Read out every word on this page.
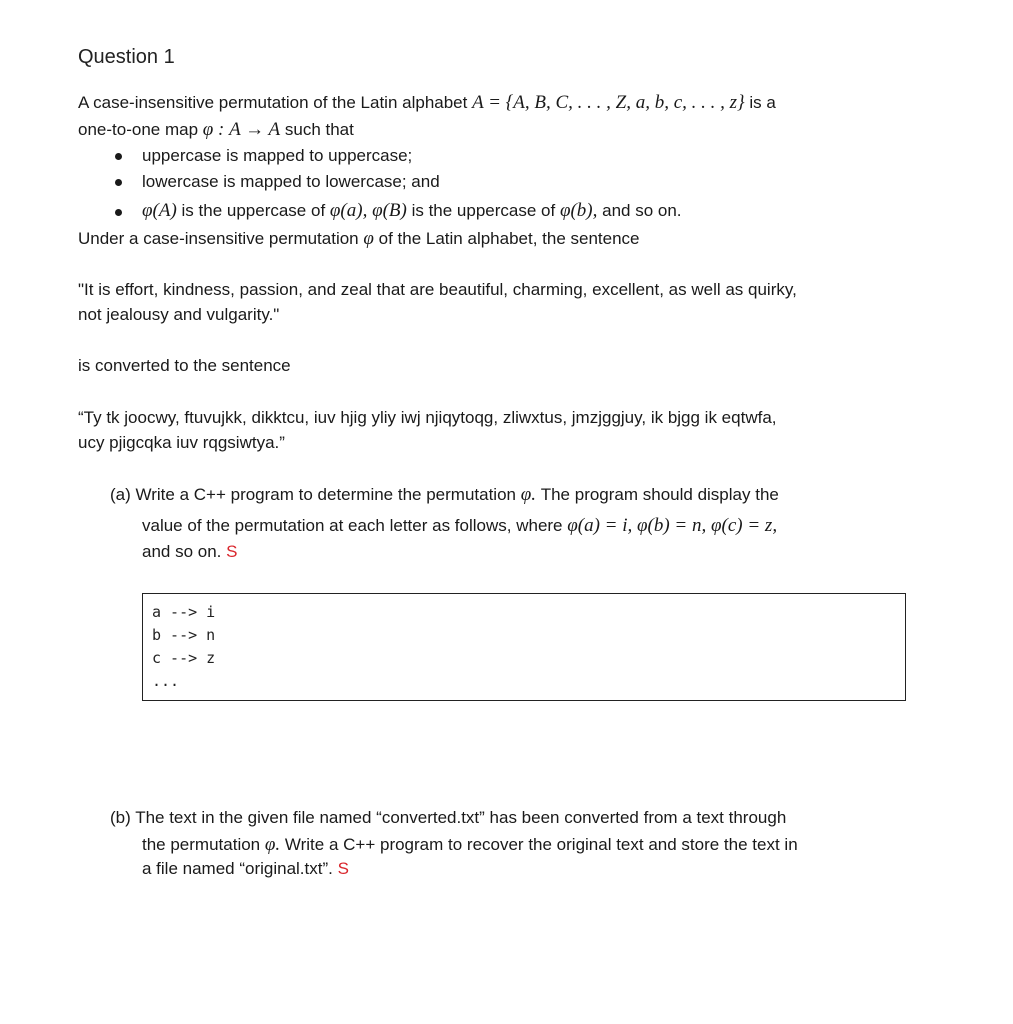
Question 1
A case-insensitive permutation of the Latin alphabet A = {A, B, C, . . . , Z, a, b, c, . . . , z} is a
one-to-one map φ : A → A such that
uppercase is mapped to uppercase;
lowercase is mapped to lowercase; and
φ(A) is the uppercase of φ(a), φ(B) is the uppercase of φ(b), and so on.
Under a case-insensitive permutation φ of the Latin alphabet, the sentence
"It is effort, kindness, passion, and zeal that are beautiful, charming, excellent, as well as quirky,
not jealousy and vulgarity."
is converted to the sentence
“Ty tk joocwy, ftuvujkk, dikktcu, iuv hjig yliy iwj njiqytoqg, zliwxtus, jmzjggjuy, ik bjgg ik eqtwfa,
ucy pjigcqka iuv rqgsiwtya.”
(a) Write a C++ program to determine the permutation φ. The program should display the
value of the permutation at each letter as follows, where φ(a) = i, φ(b) = n, φ(c) = z,
and so on. S
a --> i
b --> n
c --> z
...
(b) The text in the given file named “converted.txt” has been converted from a text through
the permutation φ. Write a C++ program to recover the original text and store the text in
a file named “original.txt”. S
